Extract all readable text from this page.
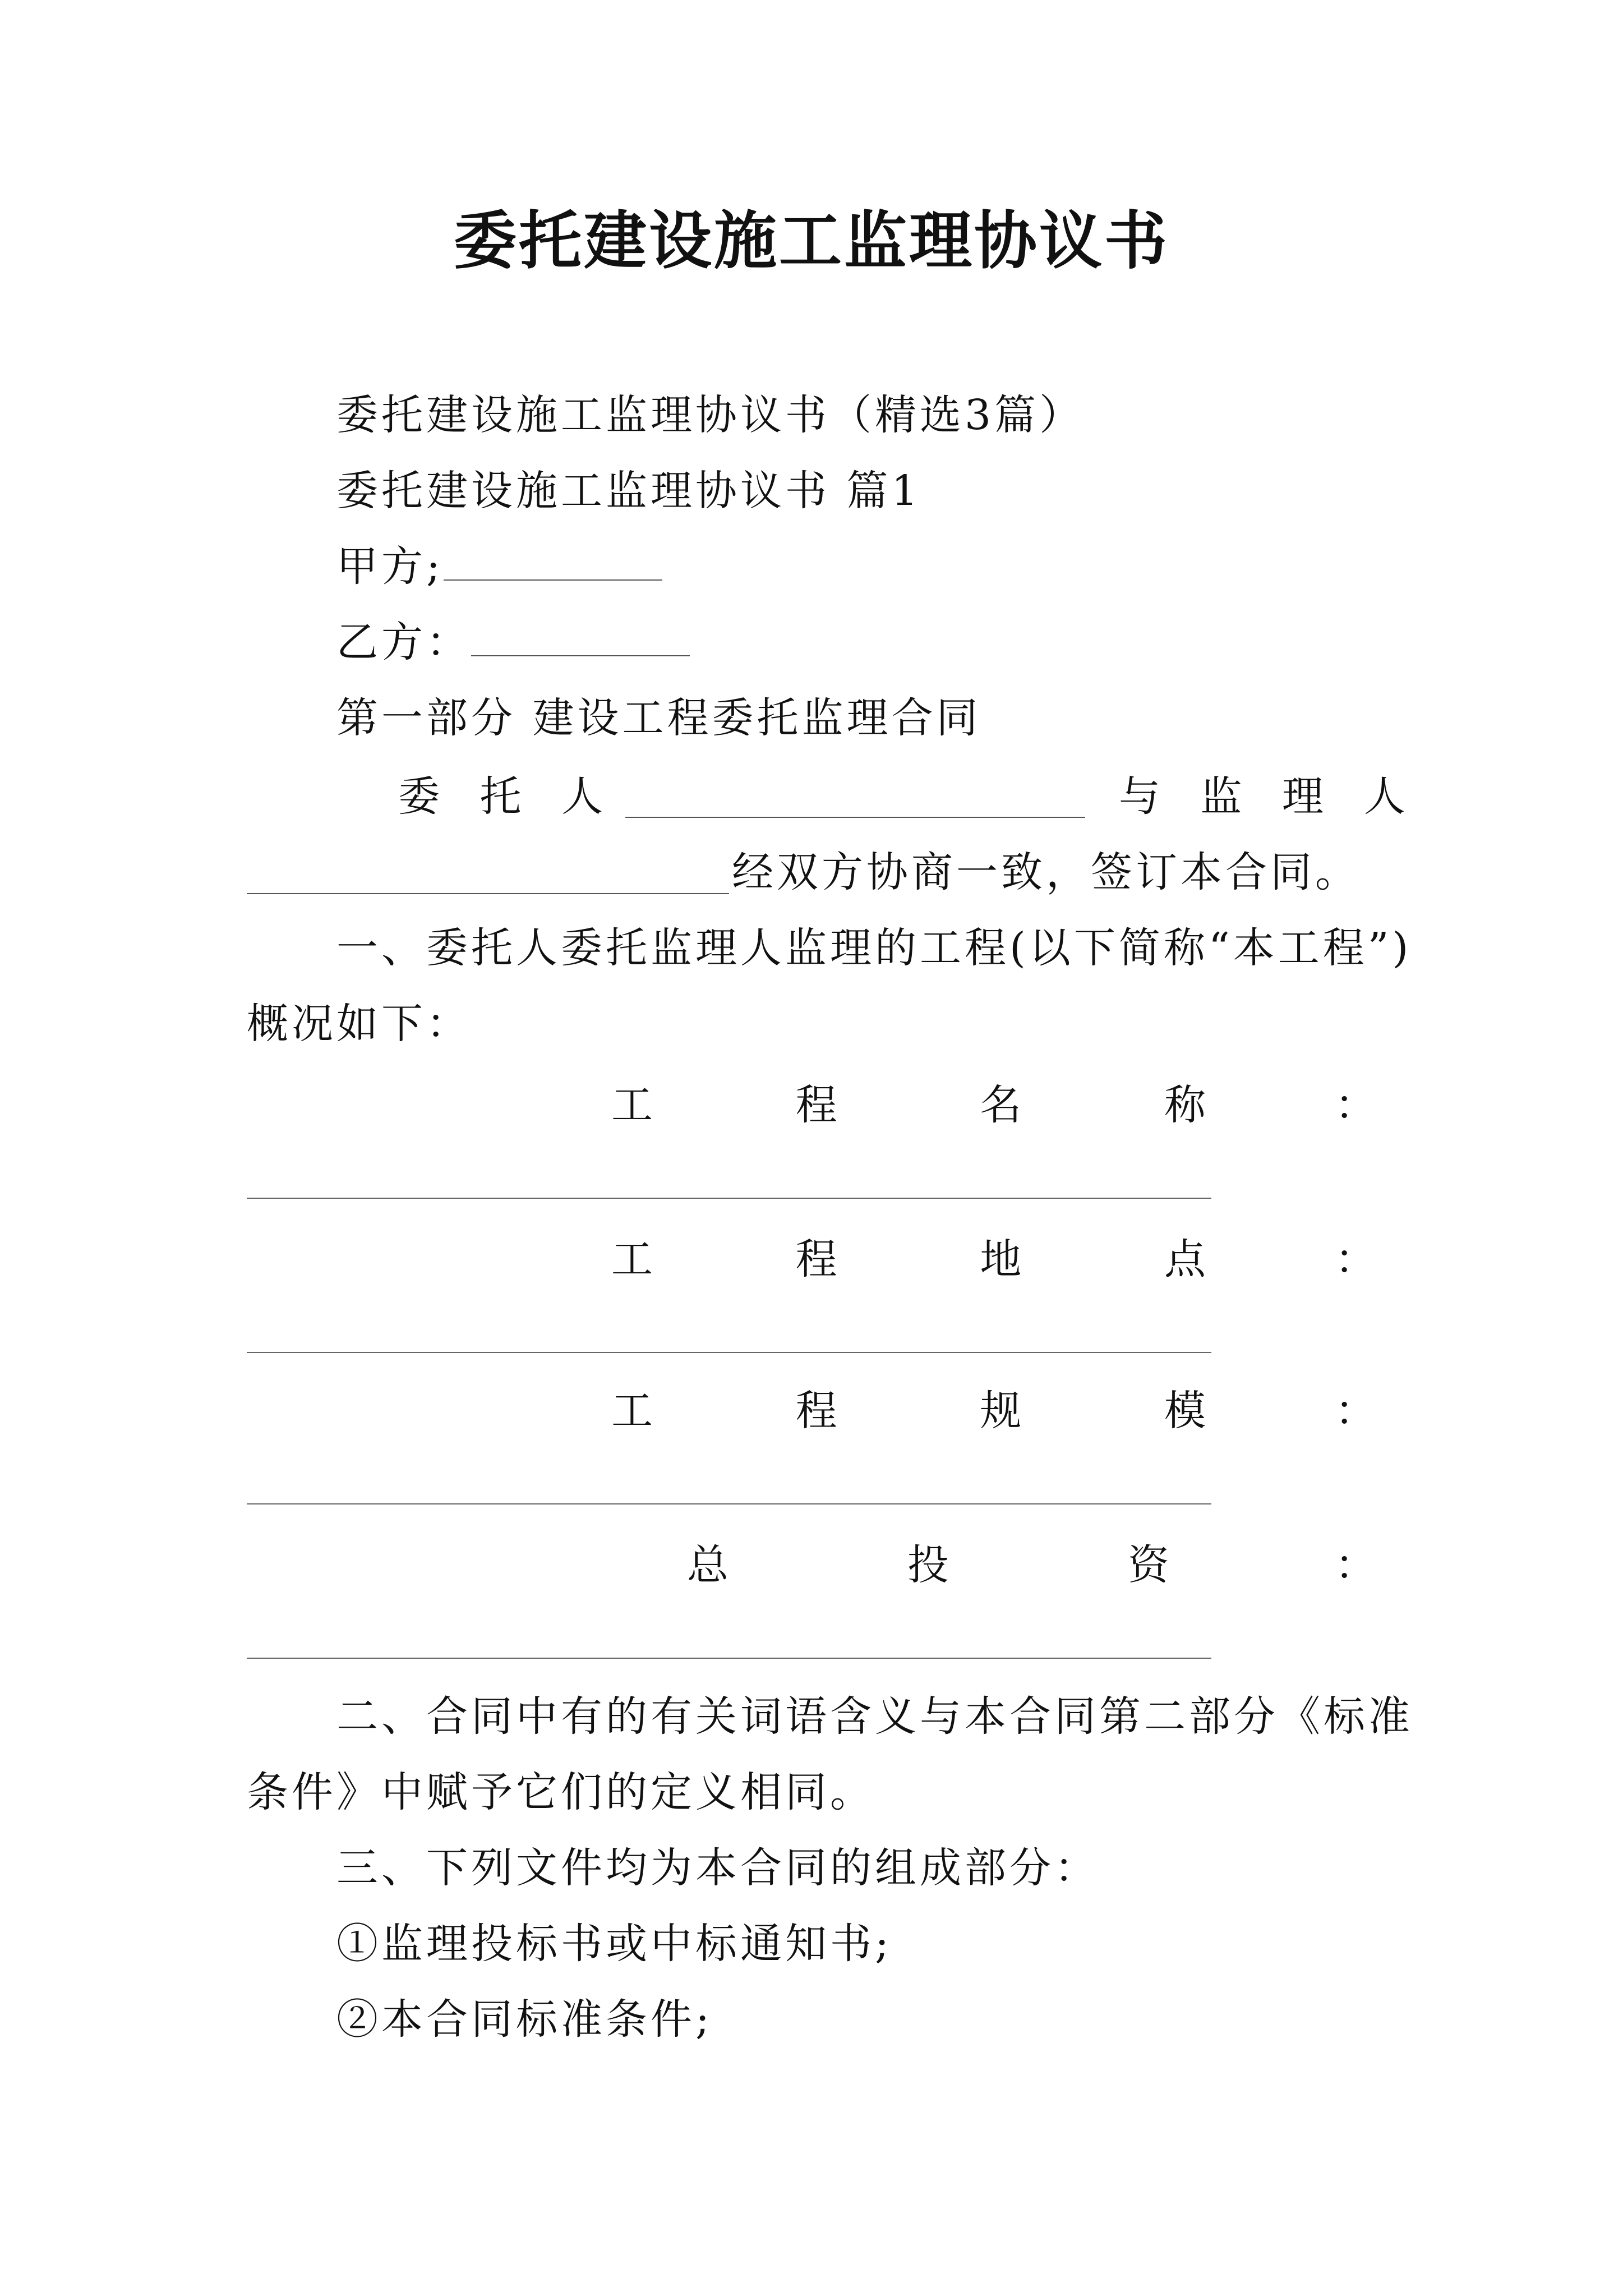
委托建设施工监理协议书
委托建设施工监理协议书（精选3篇）
委托建设施工监理协议书 篇1
甲方;
乙方：
第一部分 建设工程委托监理合同
委 托 人	与 监 理 人
经双方协商一致，签订本合同。
一、委托人委托监理人监理的工程(以下简称“本工程”)
概况如下：
工	程	名	称	：
工	程	地	点	：
工	程	规	模	：
总	投	资	：
二、合同中有的有关词语含义与本合同第二部分《标准
条件》中赋予它们的定义相同。
三、下列文件均为本合同的组成部分：
①监理投标书或中标通知书;
②本合同标准条件;
